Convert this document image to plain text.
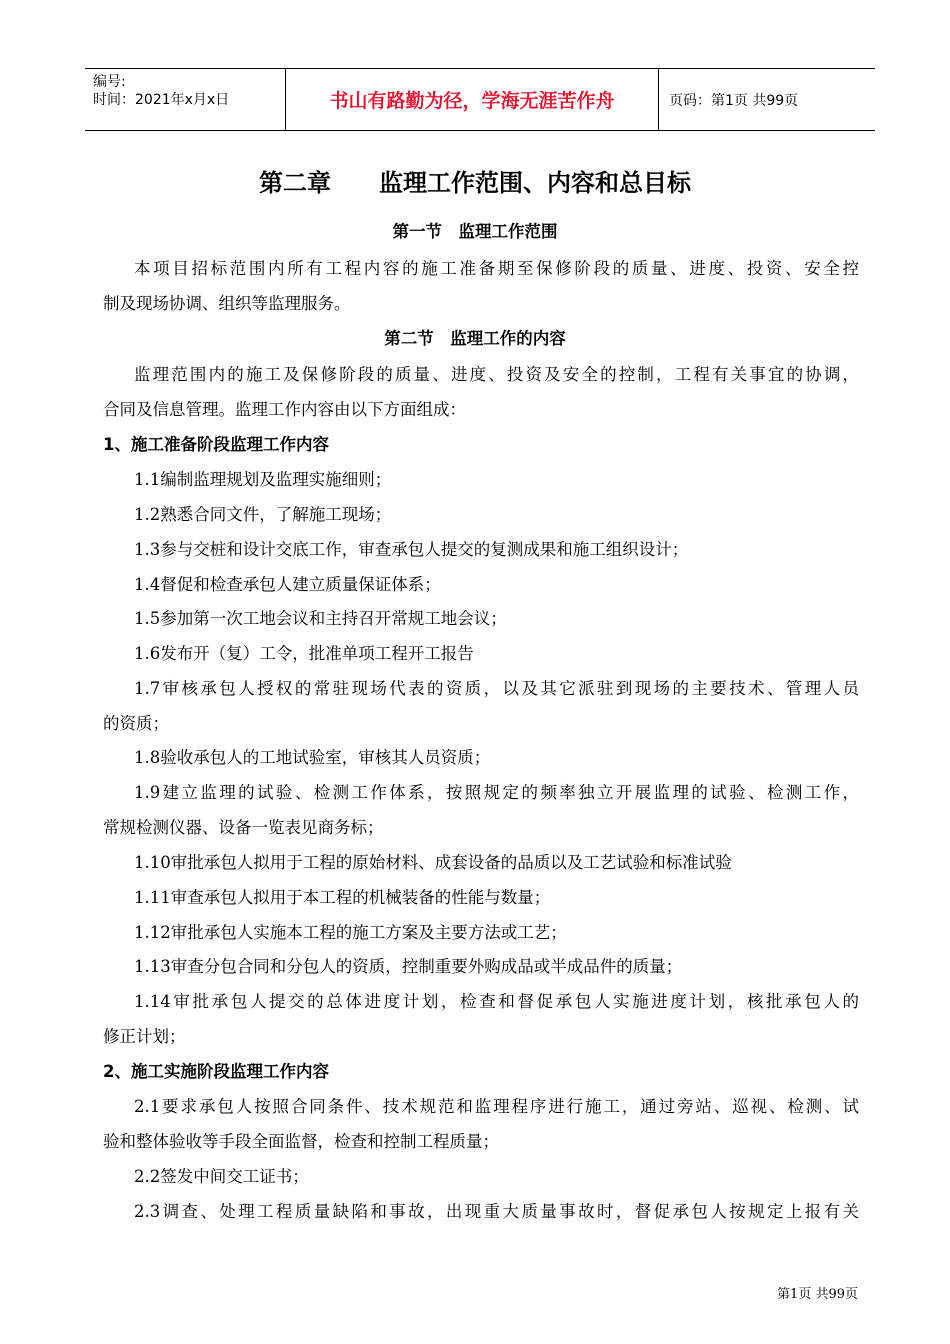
编号:
时间：2021年x月x日	书山有路勤为径，学海无涯苦作舟	页码：第1页 共99页
第二章　　监理工作范围、内容和总目标
第一节　监理工作范围
本项目招标范围内所有工程内容的施工准备期至保修阶段的质量、进度、投资、安全控
制及现场协调、组织等监理服务。
第二节　监理工作的内容
监理范围内的施工及保修阶段的质量、进度、投资及安全的控制，工程有关事宜的协调，
合同及信息管理。监理工作内容由以下方面组成：
1、施工准备阶段监理工作内容
1.1编制监理规划及监理实施细则；
1.2熟悉合同文件，了解施工现场；
1.3参与交桩和设计交底工作，审查承包人提交的复测成果和施工组织设计；
1.4督促和检查承包人建立质量保证体系；
1.5参加第一次工地会议和主持召开常规工地会议；
1.6发布开（复）工令，批准单项工程开工报告
1.7审核承包人授权的常驻现场代表的资质，以及其它派驻到现场的主要技术、管理人员
的资质；
1.8验收承包人的工地试验室，审核其人员资质；
1.9建立监理的试验、检测工作体系，按照规定的频率独立开展监理的试验、检测工作，
常规检测仪器、设备一览表见商务标；
1.10审批承包人拟用于工程的原始材料、成套设备的品质以及工艺试验和标准试验
1.11审查承包人拟用于本工程的机械装备的性能与数量；
1.12审批承包人实施本工程的施工方案及主要方法或工艺；
1.13审查分包合同和分包人的资质，控制重要外购成品或半成品件的质量；
1.14审批承包人提交的总体进度计划，检查和督促承包人实施进度计划，核批承包人的
修正计划；
2、施工实施阶段监理工作内容
2.1要求承包人按照合同条件、技术规范和监理程序进行施工，通过旁站、巡视、检测、试
验和整体验收等手段全面监督，检查和控制工程质量；
2.2签发中间交工证书；
2.3调查、处理工程质量缺陷和事故，出现重大质量事故时，督促承包人按规定上报有关
第1页 共99页
